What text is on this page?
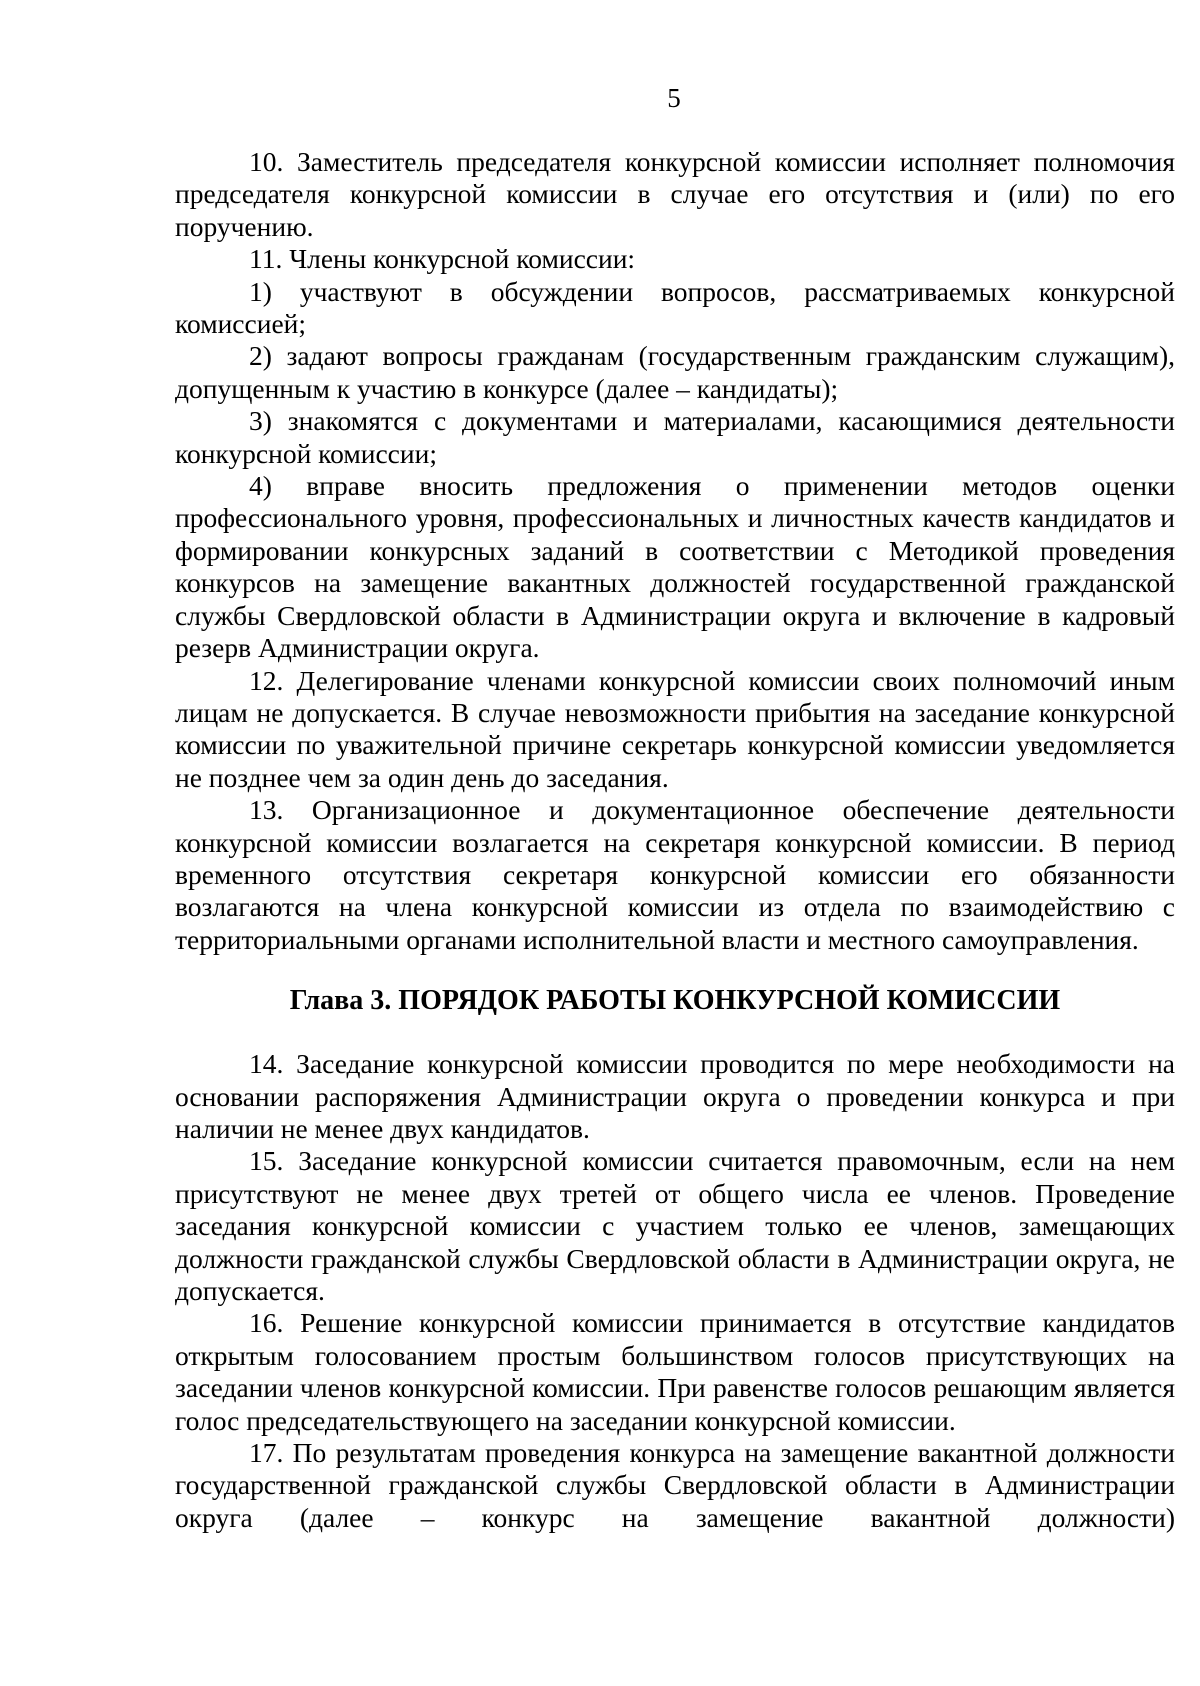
5

10. Заместитель председателя конкурсной комиссии исполняет полномочия председателя конкурсной комиссии в случае его отсутствия и (или) по его поручению.

11. Члены конкурсной комиссии:

1) участвуют в обсуждении вопросов, рассматриваемых конкурсной комиссией;

2) задают вопросы гражданам (государственным гражданским служащим), допущенным к участию в конкурсе (далее – кандидаты);

3) знакомятся с документами и материалами, касающимися деятельности конкурсной комиссии;

4) вправе вносить предложения о применении методов оценки профессионального уровня, профессиональных и личностных качеств кандидатов и формировании конкурсных заданий в соответствии с Методикой проведения конкурсов на замещение вакантных должностей государственной гражданской службы Свердловской области в Администрации округа и включение в кадровый резерв Администрации округа.

12. Делегирование членами конкурсной комиссии своих полномочий иным лицам не допускается. В случае невозможности прибытия на заседание конкурсной комиссии по уважительной причине секретарь конкурсной комиссии уведомляется не позднее чем за один день до заседания.

13. Организационное и документационное обеспечение деятельности конкурсной комиссии возлагается на секретаря конкурсной комиссии. В период временного отсутствия секретаря конкурсной комиссии его обязанности возлагаются на члена конкурсной комиссии из отдела по взаимодействию с территориальными органами исполнительной власти и местного самоуправления.

Глава 3. ПОРЯДОК РАБОТЫ КОНКУРСНОЙ КОМИССИИ

14. Заседание конкурсной комиссии проводится по мере необходимости на основании распоряжения Администрации округа о проведении конкурса и при наличии не менее двух кандидатов.

15. Заседание конкурсной комиссии считается правомочным, если на нем присутствуют не менее двух третей от общего числа ее членов. Проведение заседания конкурсной комиссии с участием только ее членов, замещающих должности гражданской службы Свердловской области в Администрации округа, не допускается.

16. Решение конкурсной комиссии принимается в отсутствие кандидатов открытым голосованием простым большинством голосов присутствующих на заседании членов конкурсной комиссии. При равенстве голосов решающим является голос председательствующего на заседании конкурсной комиссии.

17. По результатам проведения конкурса на замещение вакантной должности государственной гражданской службы Свердловской области в Администрации округа (далее – конкурс на замещение вакантной должности)
